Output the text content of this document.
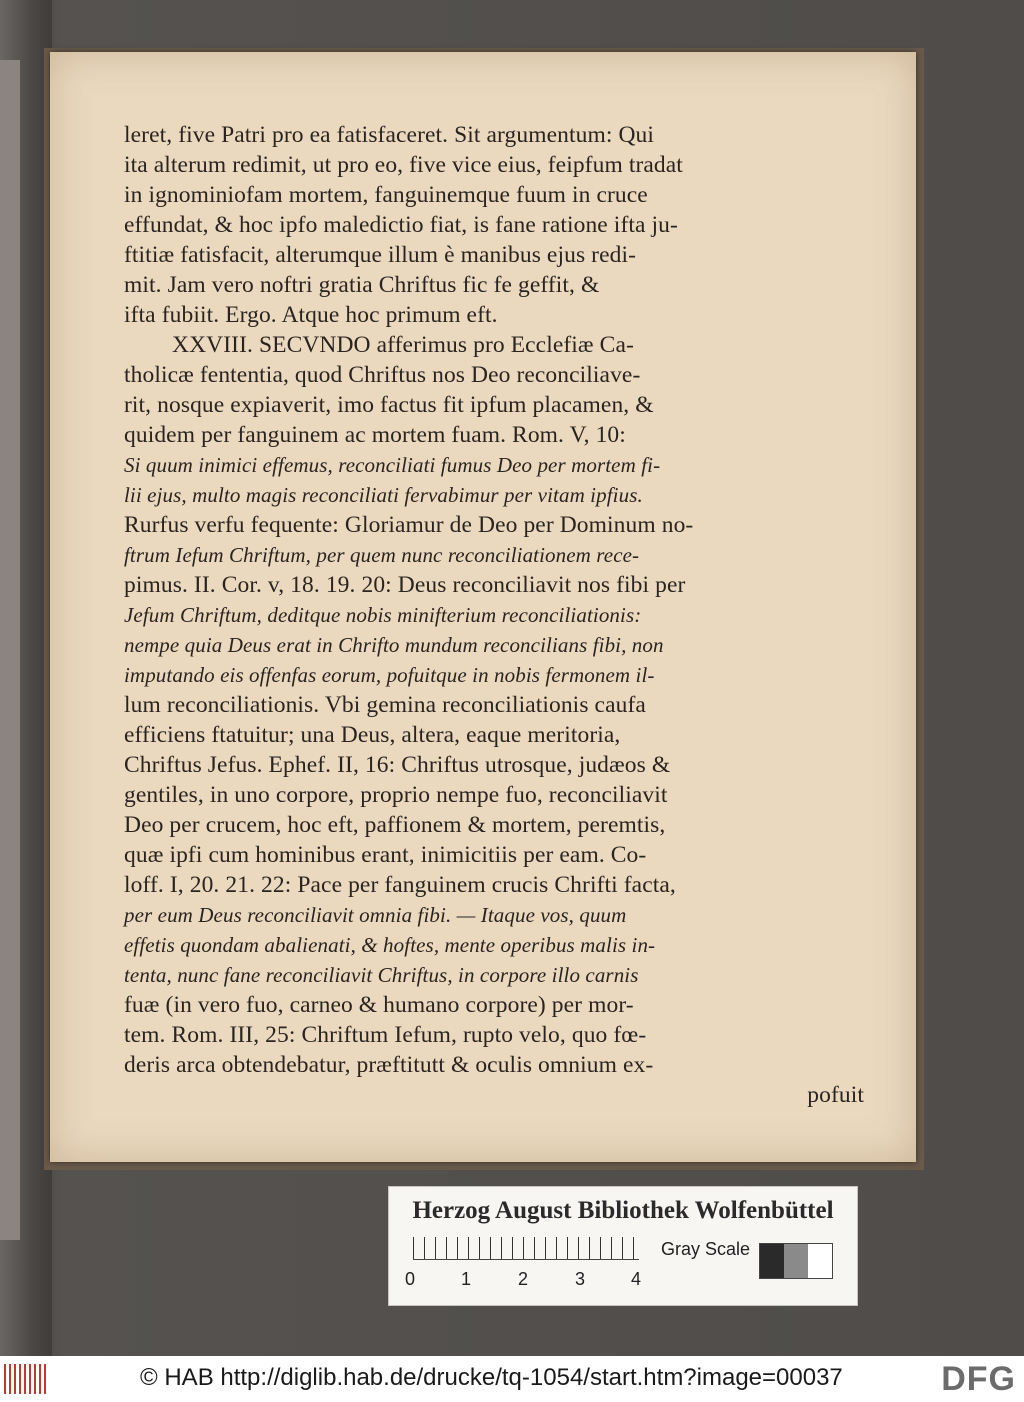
leret, five Patri pro ea fatisfaceret. Sit argumentum: Qui
ita alterum redimit, ut pro eo, five vice eius, feipfum tradat
in ignominiofam mortem, fanguinemque fuum in cruce
effundat, & hoc ipfo maledictio fiat, is fane ratione ifta ju-
ftitiæ fatisfacit, alterumque illum è manibus ejus redi-
mit. Jam vero noftri gratia Chriftus fic fe geffit, &
ifta fubiit. Ergo. Atque hoc primum eft.
XXVIII. SECVNDO afferimus pro Ecclefiæ Ca-
tholicæ fententia, quod Chriftus nos Deo reconciliave-
rit, nosque expiaverit, imo factus fit ipfum placamen, &
quidem per fanguinem ac mortem fuam. Rom. V, 10:
Si quum inimici effemus, reconciliati fumus Deo per mortem fi-
lii ejus, multo magis reconciliati fervabimur per vitam ipfius.
Rurfus verfu fequente: Gloriamur de Deo per Dominum no-
ftrum Iefum Chriftum, per quem nunc reconciliationem rece-
pimus. II. Cor. v, 18. 19. 20: Deus reconciliavit nos fibi per
Jefum Chriftum, deditque nobis minifterium reconciliationis:
nempe quia Deus erat in Chrifto mundum reconcilians fibi, non
imputando eis offenfas eorum, pofuitque in nobis fermonem il-
lum reconciliationis. Vbi gemina reconciliationis caufa
efficiens ftatuitur; una Deus, altera, eaque meritoria,
Chriftus Jefus. Ephef. II, 16: Chriftus utrosque, judæos &
gentiles, in uno corpore, proprio nempe fuo, reconciliavit
Deo per crucem, hoc eft, paffionem & mortem, peremtis,
quæ ipfi cum hominibus erant, inimicitiis per eam. Co-
loff. I, 20. 21. 22: Pace per fanguinem crucis Chrifti facta,
per eum Deus reconciliavit omnia fibi. — Itaque vos, quum
effetis quondam abalienati, & hoftes, mente operibus malis in-
tenta, nunc fane reconciliavit Chriftus, in corpore illo carnis
fuæ (in vero fuo, carneo & humano corpore) per mor-
tem. Rom. III, 25: Chriftum Iefum, rupto velo, quo fœ-
deris arca obtendebatur, præftitutt & oculis omnium ex-
pofuit
Herzog August Bibliothek Wolfenbüttel
0	1	2	3	4
Gray Scale
© HAB http://diglib.hab.de/drucke/tq-1054/start.htm?image=00037	DFG
